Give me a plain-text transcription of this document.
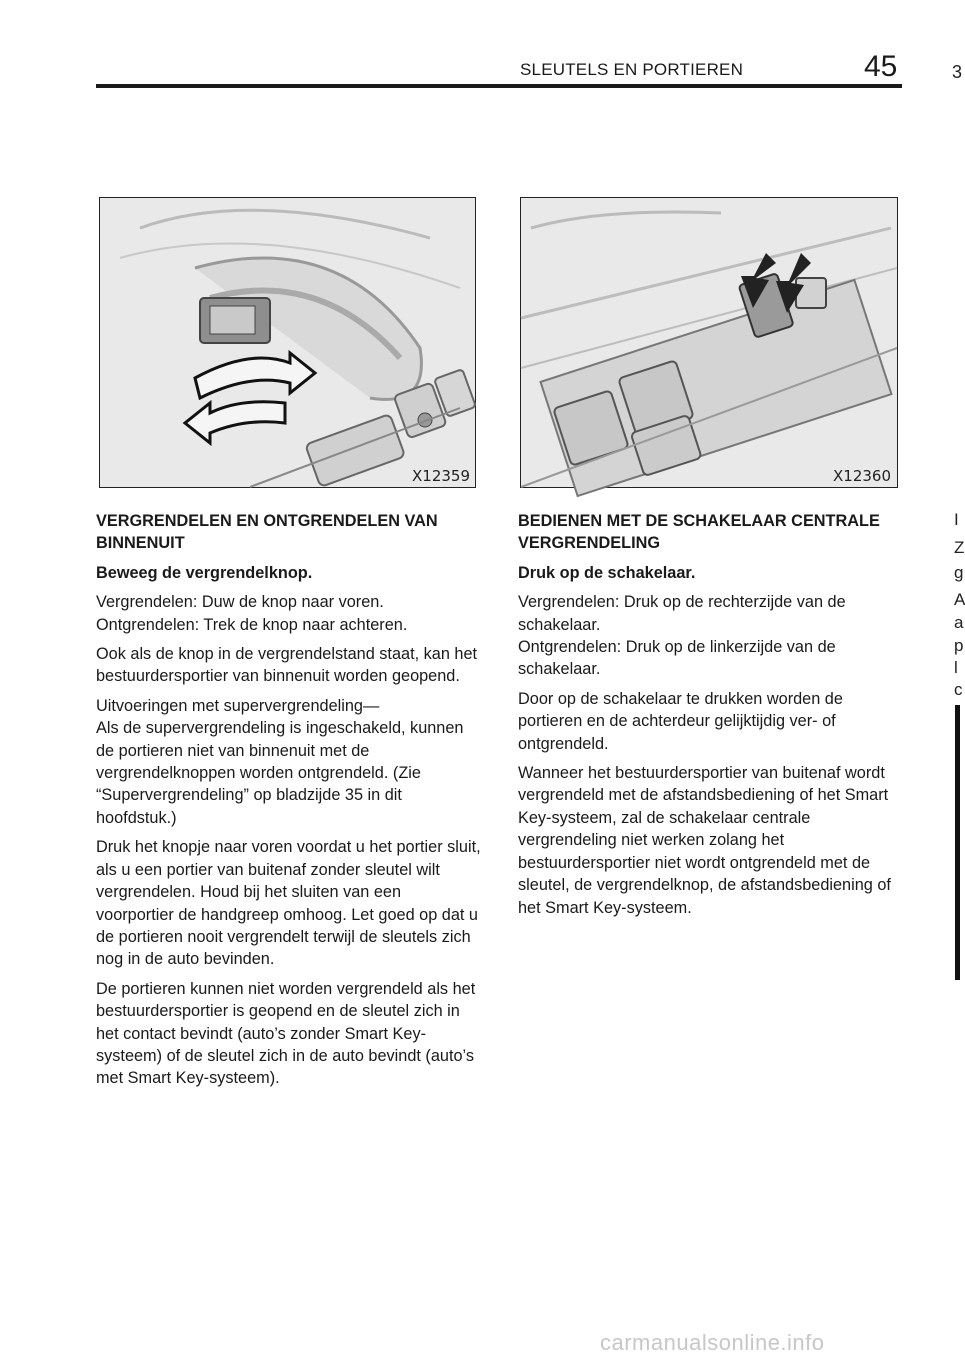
SLEUTELS EN PORTIEREN	45	3
X12359	X12360

VERGRENDELEN EN ONTGRENDELEN VAN BINNENUIT

Beweeg de vergrendelknop.

Vergrendelen: Duw de knop naar voren.
Ontgrendelen: Trek de knop naar achteren.

Ook als de knop in de vergrendelstand staat, kan het bestuurdersportier van binnenuit worden geopend.

Uitvoeringen met supervergrendeling—
Als de supervergrendeling is ingeschakeld, kunnen de portieren niet van binnenuit met de vergrendelknoppen worden ontgrendeld. (Zie “Supervergrendeling” op bladzijde 35 in dit hoofdstuk.)

Druk het knopje naar voren voordat u het portier sluit, als u een portier van buitenaf zonder sleutel wilt vergrendelen. Houd bij het sluiten van een voorportier de handgreep omhoog. Let goed op dat u de portieren nooit vergrendelt terwijl de sleutels zich nog in de auto bevinden.

De portieren kunnen niet worden vergrendeld als het bestuurdersportier is geopend en de sleutel zich in het contact bevindt (auto’s zonder Smart Key-systeem) of de sleutel zich in de auto bevindt (auto’s met Smart Key-systeem).

BEDIENEN MET DE SCHAKELAAR CENTRALE VERGRENDELING

Druk op de schakelaar.

Vergrendelen: Druk op de rechterzijde van de schakelaar.
Ontgrendelen: Druk op de linkerzijde van de schakelaar.

Door op de schakelaar te drukken worden de portieren en de achterdeur gelijktijdig ver- of ontgrendeld.

Wanneer het bestuurdersportier van buitenaf wordt vergrendeld met de afstandsbediening of het Smart Key-systeem, zal de schakelaar centrale vergrendeling niet werken zolang het bestuurdersportier niet wordt ontgrendeld met de sleutel, de vergrendelknop, de afstandsbediening of het Smart Key-systeem.

I
Z
g
A
a
p
l
c
carmanualsonline.info
